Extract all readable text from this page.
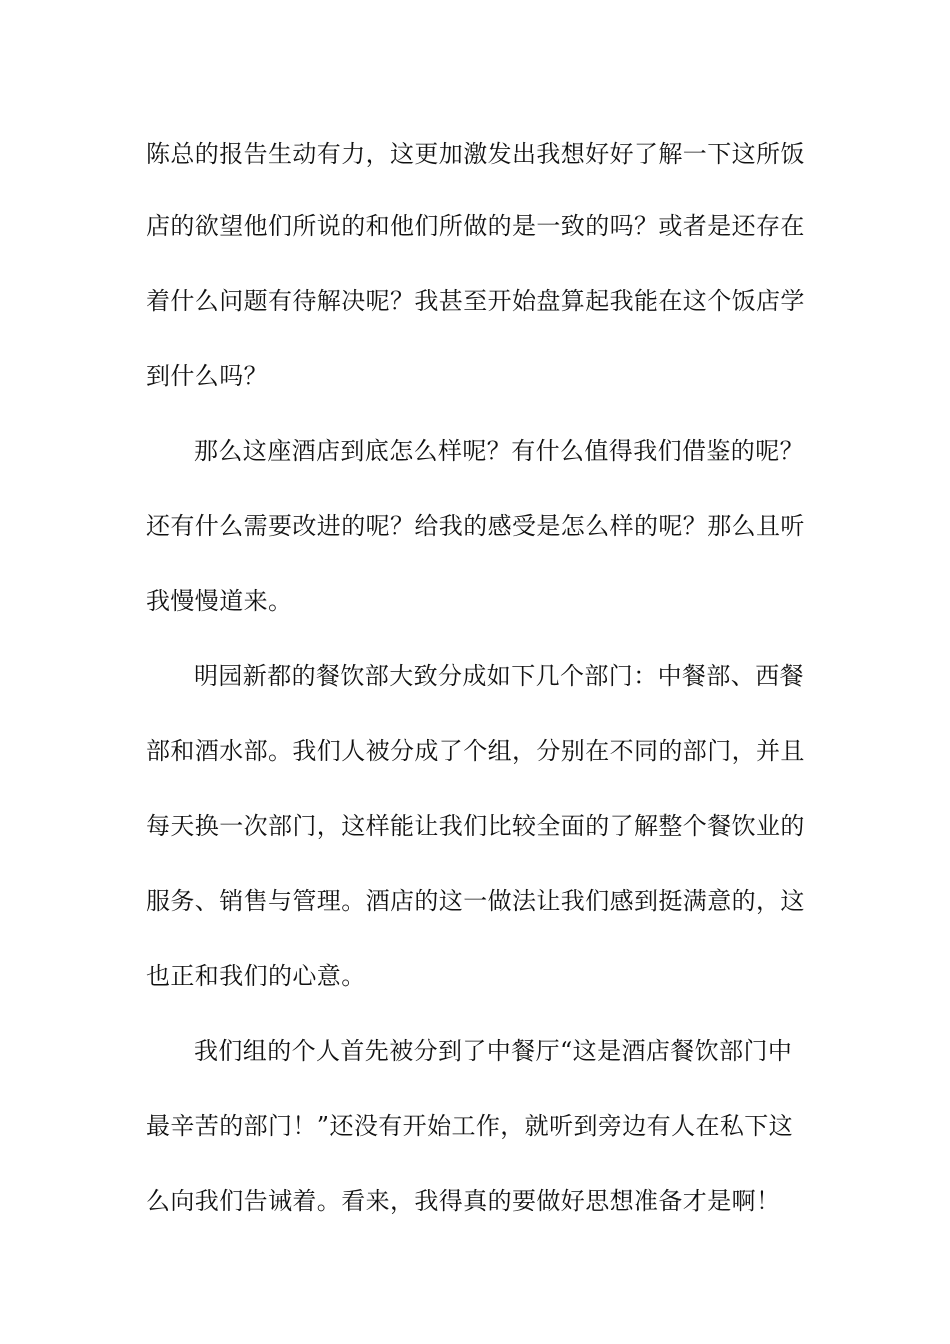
陈总的报告生动有力，这更加激发出我想好好了解一下这所饭
店的欲望他们所说的和他们所做的是一致的吗？或者是还存在
着什么问题有待解决呢？我甚至开始盘算起我能在这个饭店学
到什么吗？
那么这座酒店到底怎么样呢？有什么值得我们借鉴的呢？
还有什么需要改进的呢？给我的感受是怎么样的呢？那么且听
我慢慢道来。
明园新都的餐饮部大致分成如下几个部门：中餐部、西餐
部和酒水部。我们人被分成了个组，分别在不同的部门，并且
每天换一次部门，这样能让我们比较全面的了解整个餐饮业的
服务、销售与管理。酒店的这一做法让我们感到挺满意的，这
也正和我们的心意。
我们组的个人首先被分到了中餐厅“这是酒店餐饮部门中
最辛苦的部门！”还没有开始工作，就听到旁边有人在私下这
么向我们告诫着。看来，我得真的要做好思想准备才是啊！
